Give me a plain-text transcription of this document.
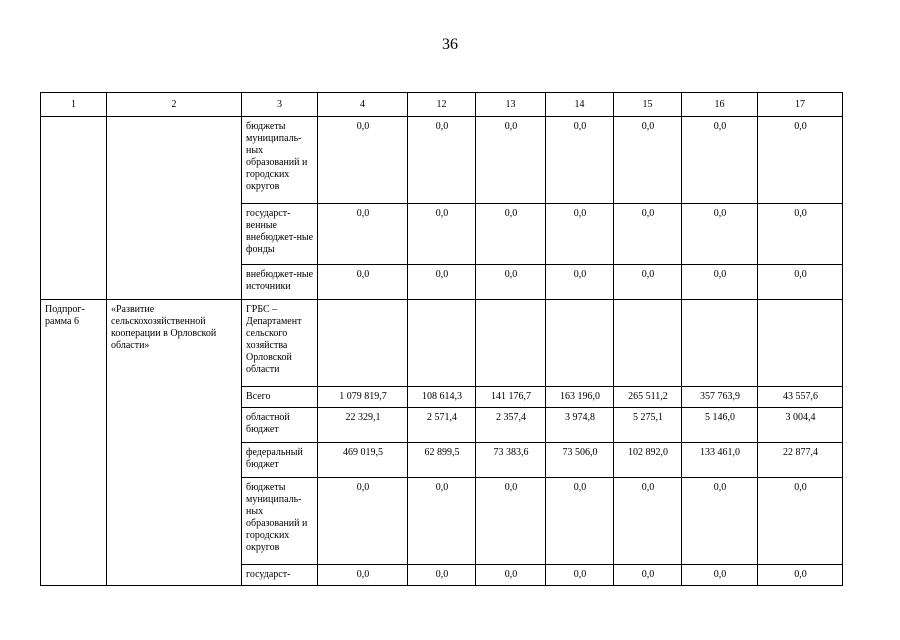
36
1	2	3	4	12	13	14	15	16	17
		бюджеты муниципаль-ных образований и городских округов	0,0	0,0	0,0	0,0	0,0	0,0	0,0
		государст-венные внебюджет-ные фонды	0,0	0,0	0,0	0,0	0,0	0,0	0,0
		внебюджет-ные источники	0,0	0,0	0,0	0,0	0,0	0,0	0,0
Подпрог-рамма 6	«Развитие сельскохозяйственной кооперации в Орловской области»	ГРБС – Департамент сельского хозяйства Орловской области							
		Всего	1 079 819,7	108 614,3	141 176,7	163 196,0	265 511,2	357 763,9	43 557,6
		областной бюджет	22 329,1	2 571,4	2 357,4	3 974,8	5 275,1	5 146,0	3 004,4
		федеральный бюджет	469 019,5	62 899,5	73 383,6	73 506,0	102 892,0	133 461,0	22 877,4
		бюджеты муниципаль-ных образований и городских округов	0,0	0,0	0,0	0,0	0,0	0,0	0,0
		государст-	0,0	0,0	0,0	0,0	0,0	0,0	0,0
